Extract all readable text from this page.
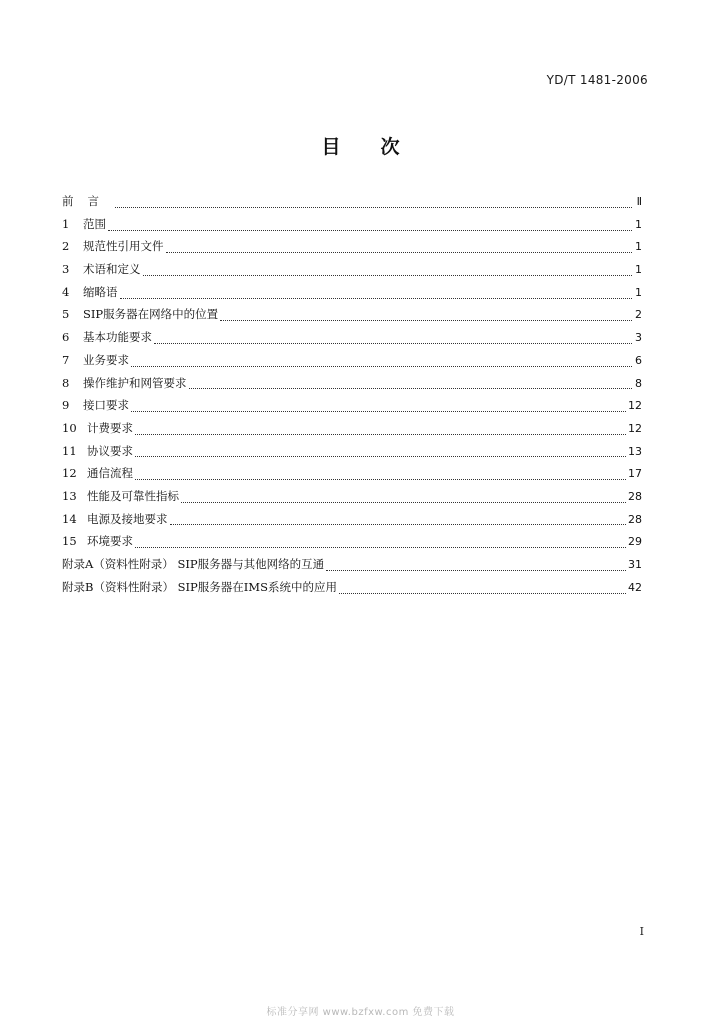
YD/T 1481-2006
目 次
前言	Ⅱ
1	范围	1
2	规范性引用文件	1
3	术语和定义	1
4	缩略语	1
5	SIP服务器在网络中的位置	2
6	基本功能要求	3
7	业务要求	6
8	操作维护和网管要求	8
9	接口要求	12
10 计费要求	12
11 协议要求	13
12 通信流程	17
13 性能及可靠性指标	28
14 电源及接地要求	28
15 环境要求	29
附录A（资料性附录） SIP服务器与其他网络的互通	31
附录B（资料性附录） SIP服务器在IMS系统中的应用	42
I
标准分享网 www.bzfxw.com 免费下载
